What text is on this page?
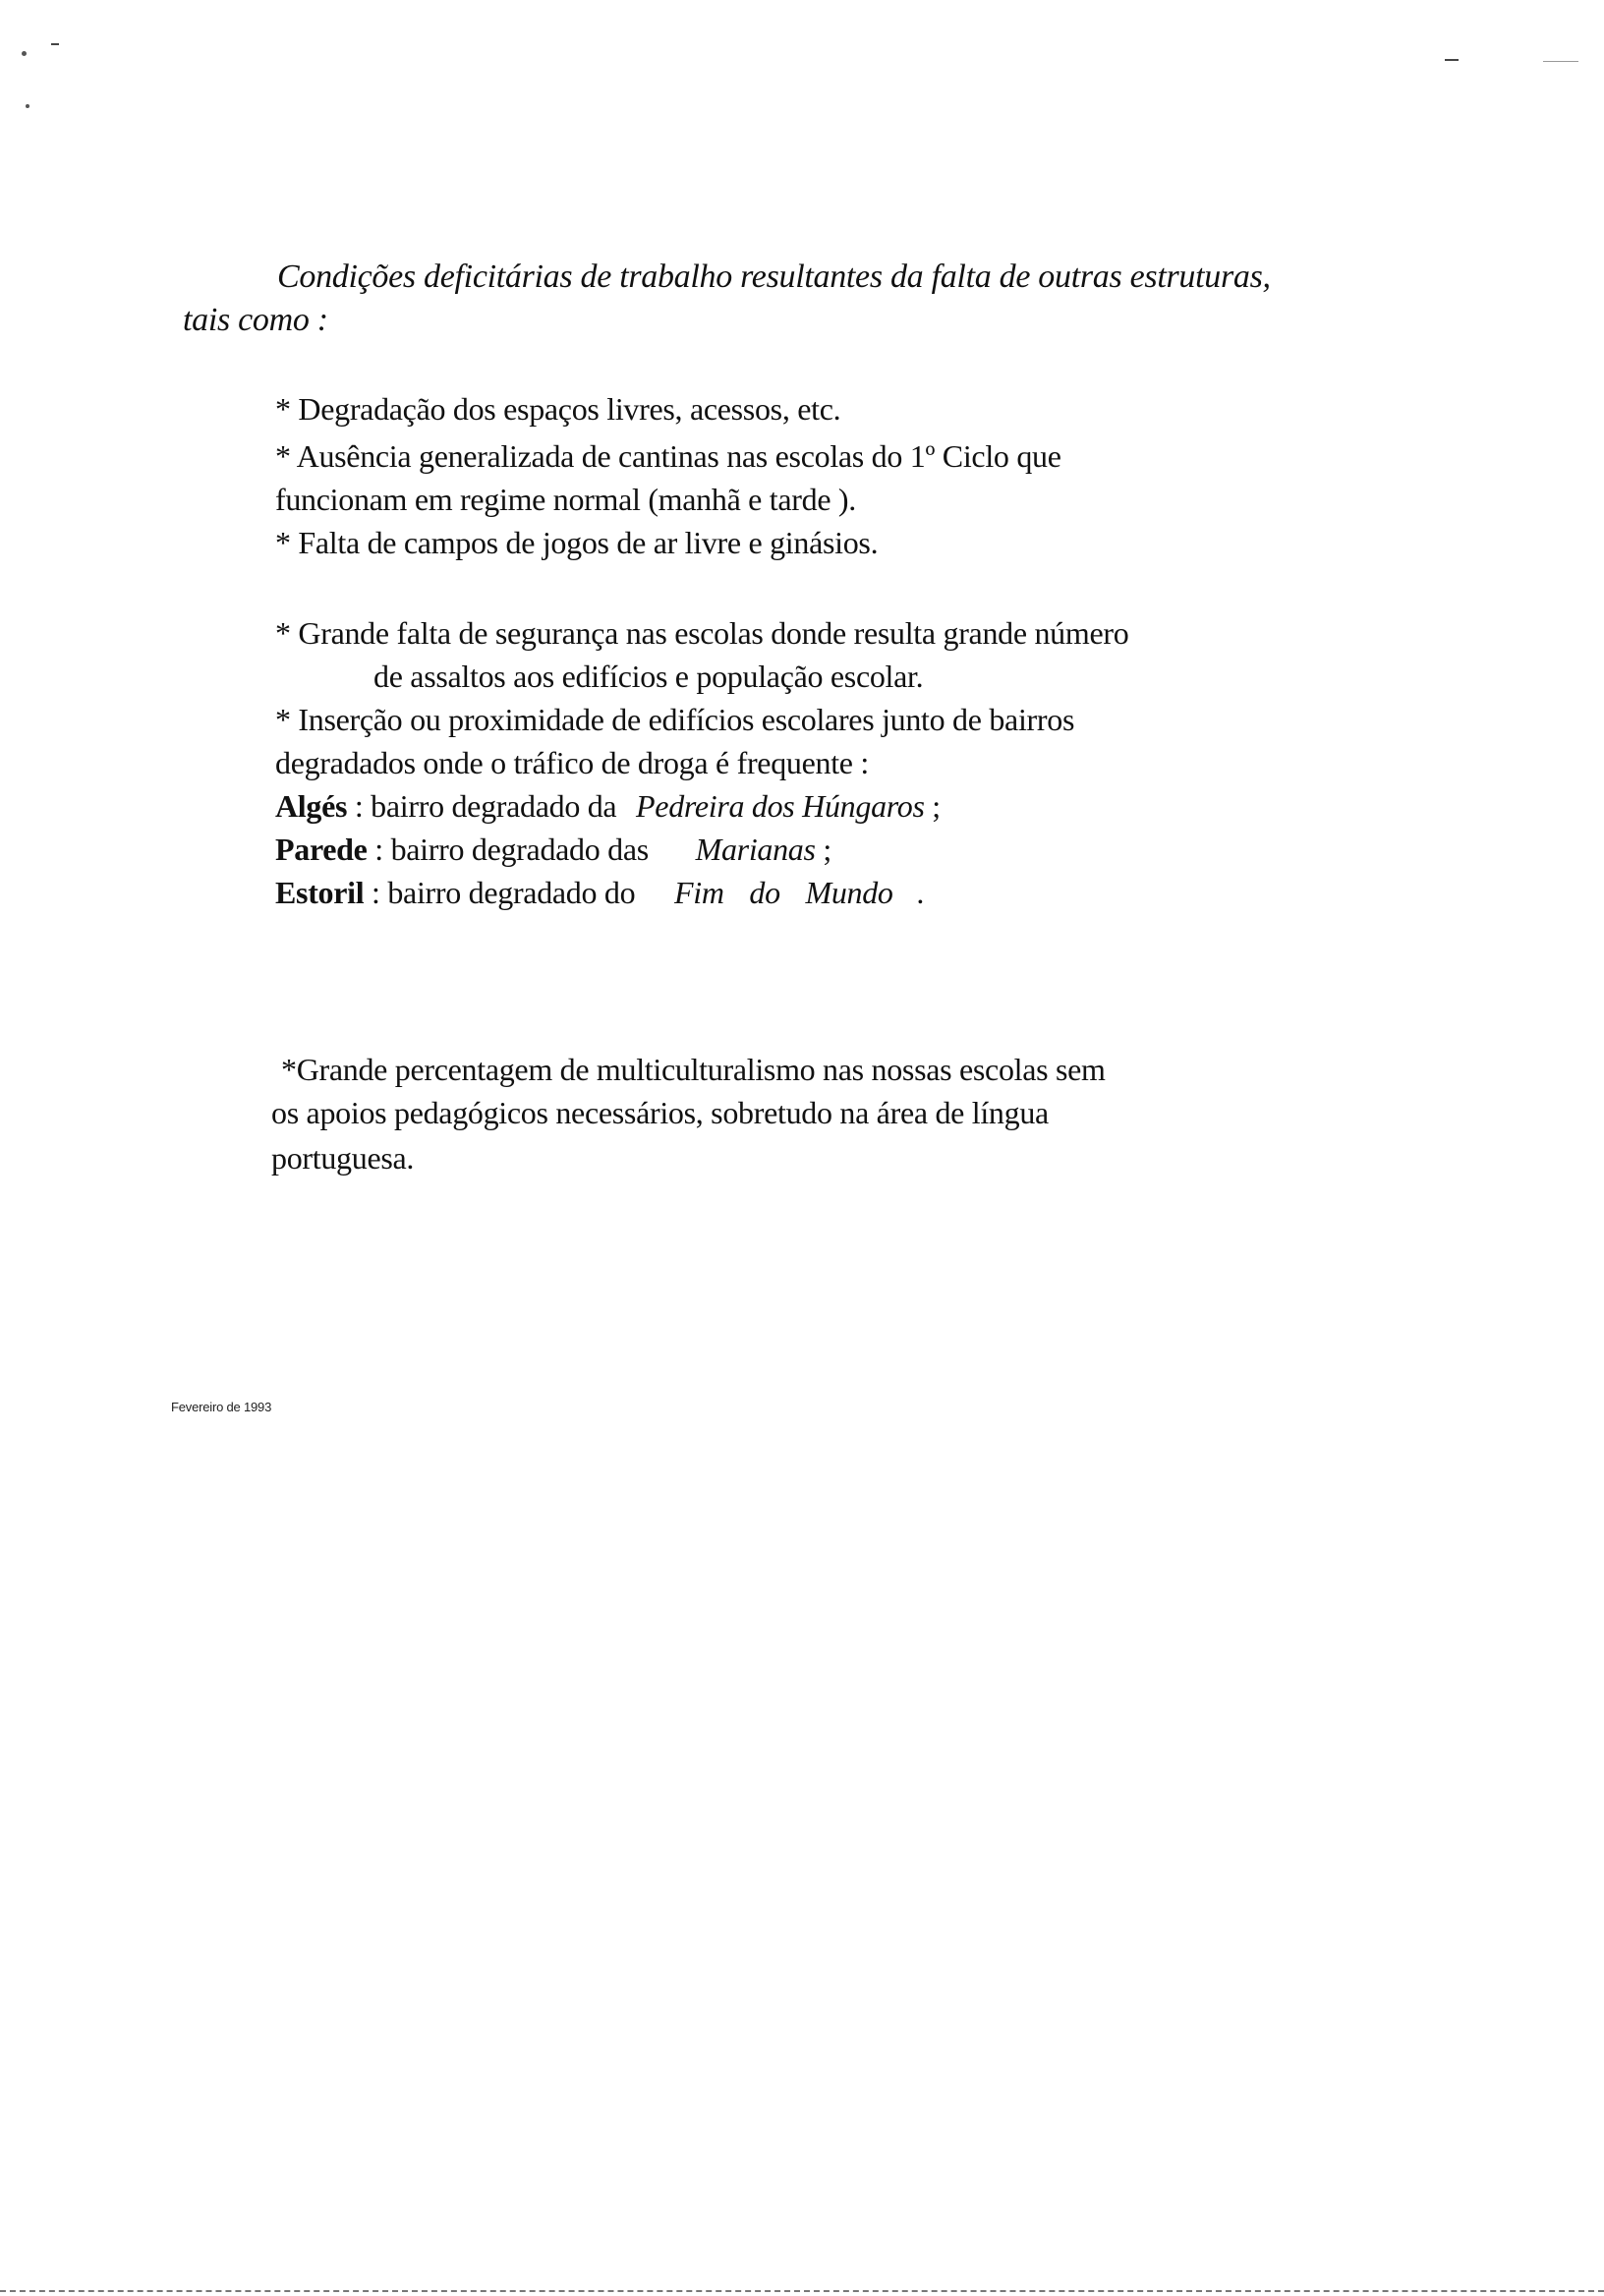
Condições deficitárias de trabalho resultantes da falta de outras estruturas,
tais como :
* Degradação dos espaços livres, acessos, etc.
* Ausência generalizada de cantinas nas escolas do 1º Ciclo que
funcionam em regime normal (manhã e tarde ).
* Falta de campos de jogos de ar livre e ginásios.
* Grande falta de segurança nas escolas donde resulta grande número
de assaltos aos edifícios e população escolar.
* Inserção ou proximidade de edifícios escolares junto de bairros
degradados onde o tráfico de droga é frequente :
Algés : bairro degradado da Pedreira dos Húngaros ;
Parede : bairro degradado das Marianas ;
Estoril : bairro degradado do Fim do Mundo .
*Grande percentagem de multiculturalismo nas nossas escolas sem
os apoios pedagógicos necessários, sobretudo na área de língua
portuguesa.
Fevereiro de 1993
